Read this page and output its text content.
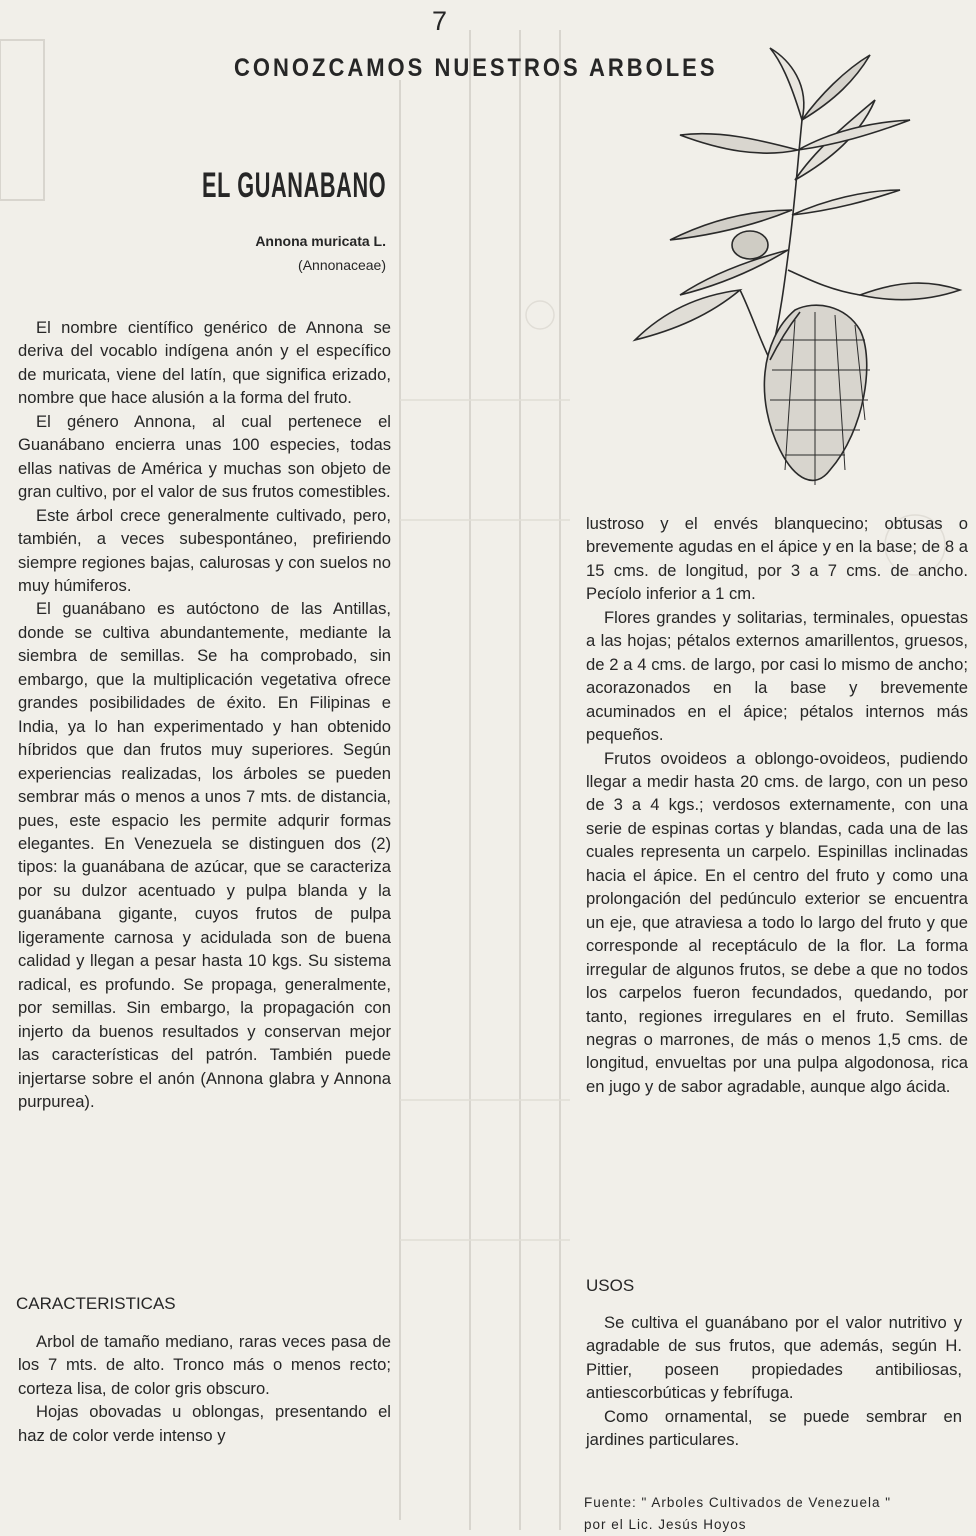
7
CONOZCAMOS NUESTROS ARBOLES
EL GUANABANO
Annona muricata L.
(Annonaceae)

El nombre científico genérico de Annona se deriva del vocablo indígena anón y el específico de muricata, viene del latín, que significa erizado, nombre que hace alusión a la forma del fruto.

El género Annona, al cual pertenece el Guanábano encierra unas 100 especies, todas ellas nativas de América y muchas son objeto de gran cultivo, por el valor de sus frutos comestibles.

Este árbol crece generalmente cultivado, pero, también, a veces subespontáneo, prefiriendo siempre regiones bajas, calurosas y con suelos no muy húmiferos.

El guanábano es autóctono de las Antillas, donde se cultiva abundantemente, mediante la siembra de semillas. Se ha comprobado, sin embargo, que la multiplicación vegetativa ofrece grandes posibilidades de éxito. En Filipinas e India, ya lo han experimentado y han obtenido híbridos que dan frutos muy superiores. Según experiencias realizadas, los árboles se pueden sembrar más o menos a unos 7 mts. de distancia, pues, este espacio les permite adqurir formas elegantes. En Venezuela se distinguen dos (2) tipos: la guanábana de azúcar, que se caracteriza por su dulzor acentuado y pulpa blanda y la guanábana gigante, cuyos frutos de pulpa ligeramente carnosa y acidulada son de buena calidad y llegan a pesar hasta 10 kgs. Su sistema radical, es profundo. Se propaga, generalmente, por semillas. Sin embargo, la propagación con injerto da buenos resultados y conservan mejor las características del patrón. También puede injertarse sobre el anón (Annona glabra y Annona purpurea).

CARACTERISTICAS

Arbol de tamaño mediano, raras veces pasa de los 7 mts. de alto. Tronco más o menos recto; corteza lisa, de color gris obscuro.

Hojas obovadas u oblongas, presentando el haz de color verde intenso y

lustroso y el envés blanquecino; obtusas o brevemente agudas en el ápice y en la base; de 8 a 15 cms. de longitud, por 3 a 7 cms. de ancho. Pecíolo inferior a 1 cm.

Flores grandes y solitarias, terminales, opuestas a las hojas; pétalos externos amarillentos, gruesos, de 2 a 4 cms. de largo, por casi lo mismo de ancho; acorazonados en la base y brevemente acuminados en el ápice; pétalos internos más pequeños.

Frutos ovoideos a oblongo-ovoideos, pudiendo llegar a medir hasta 20 cms. de largo, con un peso de 3 a 4 kgs.; verdosos externamente, con una serie de espinas cortas y blandas, cada una de las cuales representa un carpelo. Espinillas inclinadas hacia el ápice. En el centro del fruto y como una prolongación del pedúnculo exterior se encuentra un eje, que atraviesa a todo lo largo del fruto y que corresponde al receptáculo de la flor. La forma irregular de algunos frutos, se debe a que no todos los carpelos fueron fecundados, quedando, por tanto, regiones irregulares en el fruto. Semillas negras o marrones, de más o menos 1,5 cms. de longitud, envueltas por una pulpa algodonosa, rica en jugo y de sabor agradable, aunque algo ácida.

USOS

Se cultiva el guanábano por el valor nutritivo y agradable de sus frutos, que además, según H. Pittier, poseen propiedades antibiliosas, antiescorbúticas y febrífuga.

Como ornamental, se puede sembrar en jardines particulares.

Fuente: " Arboles Cultivados de Venezuela "
por el Lic. Jesús Hoyos
